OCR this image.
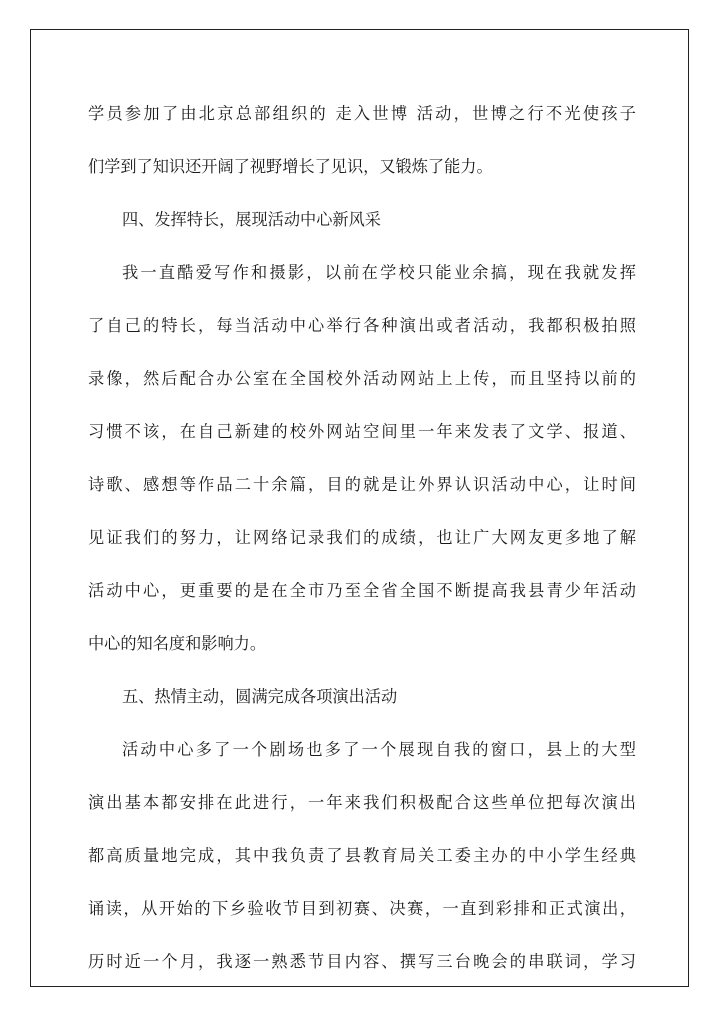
学员参加了由北京总部组织的 走入世博 活动，世博之行不光使孩子
们学到了知识还开阔了视野增长了见识，又锻炼了能力。
四、发挥特长，展现活动中心新风采
我一直酷爱写作和摄影，以前在学校只能业余搞，现在我就发挥
了自己的特长，每当活动中心举行各种演出或者活动，我都积极拍照
录像，然后配合办公室在全国校外活动网站上上传，而且坚持以前的
习惯不该，在自己新建的校外网站空间里一年来发表了文学、报道、
诗歌、感想等作品二十余篇，目的就是让外界认识活动中心，让时间
见证我们的努力，让网络记录我们的成绩，也让广大网友更多地了解
活动中心，更重要的是在全市乃至全省全国不断提高我县青少年活动
中心的知名度和影响力。
五、热情主动，圆满完成各项演出活动
活动中心多了一个剧场也多了一个展现自我的窗口，县上的大型
演出基本都安排在此进行，一年来我们积极配合这些单位把每次演出
都高质量地完成，其中我负责了县教育局关工委主办的中小学生经典
诵读，从开始的下乡验收节目到初赛、决赛，一直到彩排和正式演出，
历时近一个月，我逐一熟悉节目内容、撰写三台晚会的串联词，学习
